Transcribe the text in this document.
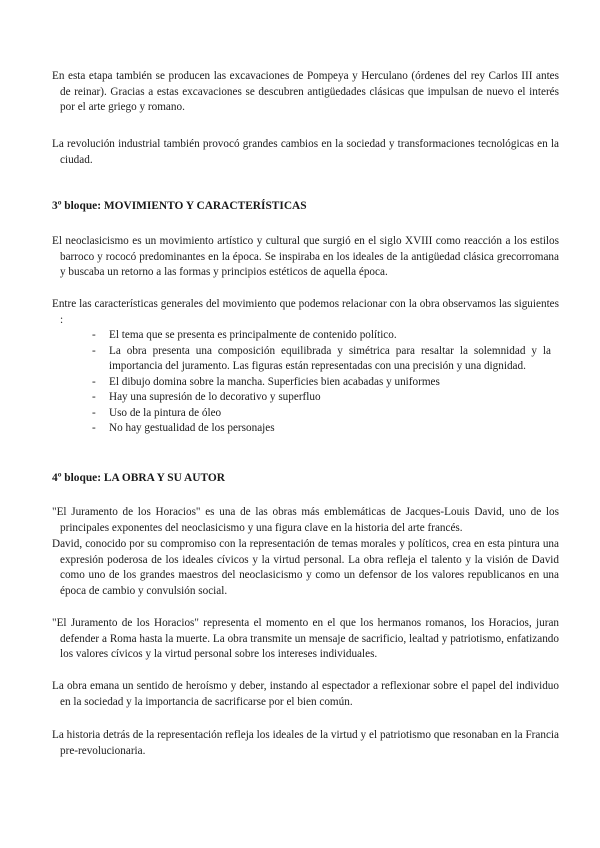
En esta etapa también se producen las excavaciones de Pompeya y Herculano (órdenes del rey Carlos III antes de reinar). Gracias a estas excavaciones se descubren antigüedades clásicas que impulsan de nuevo el interés por el arte griego y romano.

La revolución industrial también provocó grandes cambios en la sociedad y transformaciones tecnológicas en la ciudad.

3º bloque: MOVIMIENTO Y CARACTERÍSTICAS

El neoclasicismo es un movimiento artístico y cultural que surgió en el siglo XVIII como reacción a los estilos barroco y rococó predominantes en la época. Se inspiraba en los ideales de la antigüedad clásica grecorromana y buscaba un retorno a las formas y principios estéticos de aquella época.

Entre las características generales del movimiento que podemos relacionar con la obra observamos las siguientes :

- El tema que se presenta es principalmente de contenido político.
- La obra presenta una composición equilibrada y simétrica para resaltar la solemnidad y la importancia del juramento. Las figuras están representadas con una precisión y una dignidad.
- El dibujo domina sobre la mancha. Superficies bien acabadas y uniformes
- Hay una supresión de lo decorativo y superfluo
- Uso de la pintura de óleo
- No hay gestualidad de los personajes

4º bloque: LA OBRA Y SU AUTOR

"El Juramento de los Horacios" es una de las obras más emblemáticas de Jacques-Louis David, uno de los principales exponentes del neoclasicismo y una figura clave en la historia del arte francés.

David, conocido por su compromiso con la representación de temas morales y políticos, crea en esta pintura una expresión poderosa de los ideales cívicos y la virtud personal. La obra refleja el talento y la visión de David como uno de los grandes maestros del neoclasicismo y como un defensor de los valores republicanos en una época de cambio y convulsión social.

"El Juramento de los Horacios" representa el momento en el que los hermanos romanos, los Horacios, juran defender a Roma hasta la muerte. La obra transmite un mensaje de sacrificio, lealtad y patriotismo, enfatizando los valores cívicos y la virtud personal sobre los intereses individuales.

La obra emana un sentido de heroísmo y deber, instando al espectador a reflexionar sobre el papel del individuo en la sociedad y la importancia de sacrificarse por el bien común.

La historia detrás de la representación refleja los ideales de la virtud y el patriotismo que resonaban en la Francia pre-revolucionaria.
